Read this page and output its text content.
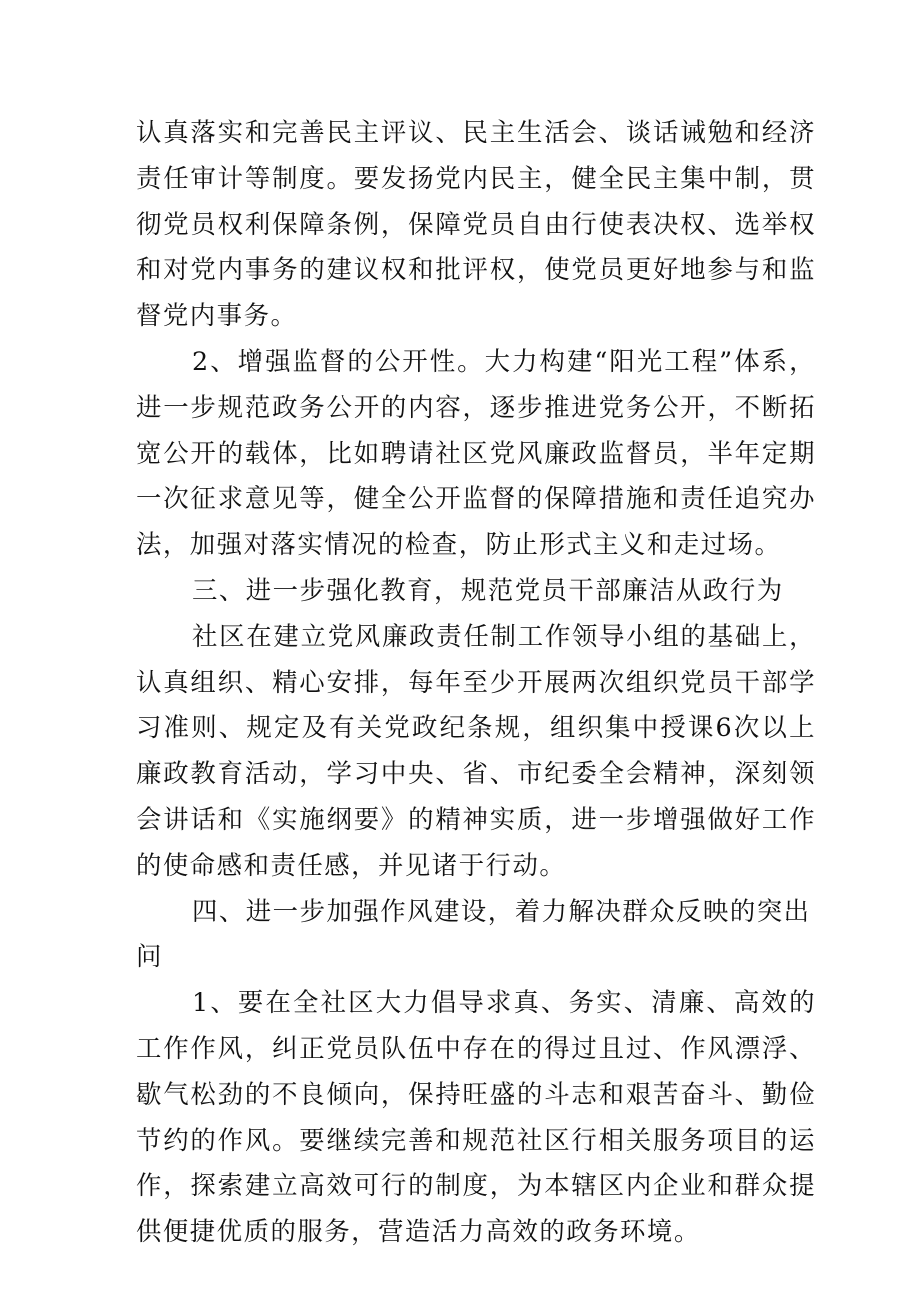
认真落实和完善民主评议、民主生活会、谈话诫勉和经济责任审计等制度。要发扬党内民主，健全民主集中制，贯彻党员权利保障条例，保障党员自由行使表决权、选举权和对党内事务的建议权和批评权，使党员更好地参与和监督党内事务。

2、增强监督的公开性。大力构建“阳光工程”体系，进一步规范政务公开的内容，逐步推进党务公开，不断拓宽公开的载体，比如聘请社区党风廉政监督员，半年定期一次征求意见等，健全公开监督的保障措施和责任追究办法，加强对落实情况的检查，防止形式主义和走过场。

三、进一步强化教育，规范党员干部廉洁从政行为

社区在建立党风廉政责任制工作领导小组的基础上，认真组织、精心安排，每年至少开展两次组织党员干部学习准则、规定及有关党政纪条规，组织集中授课6次以上廉政教育活动，学习中央、省、市纪委全会精神，深刻领会讲话和《实施纲要》的精神实质，进一步增强做好工作的使命感和责任感，并见诸于行动。

四、进一步加强作风建设，着力解决群众反映的突出问

1、要在全社区大力倡导求真、务实、清廉、高效的工作作风，纠正党员队伍中存在的得过且过、作风漂浮、歇气松劲的不良倾向，保持旺盛的斗志和艰苦奋斗、勤俭节约的作风。要继续完善和规范社区行相关服务项目的运作，探索建立高效可行的制度，为本辖区内企业和群众提供便捷优质的服务，营造活力高效的政务环境。
